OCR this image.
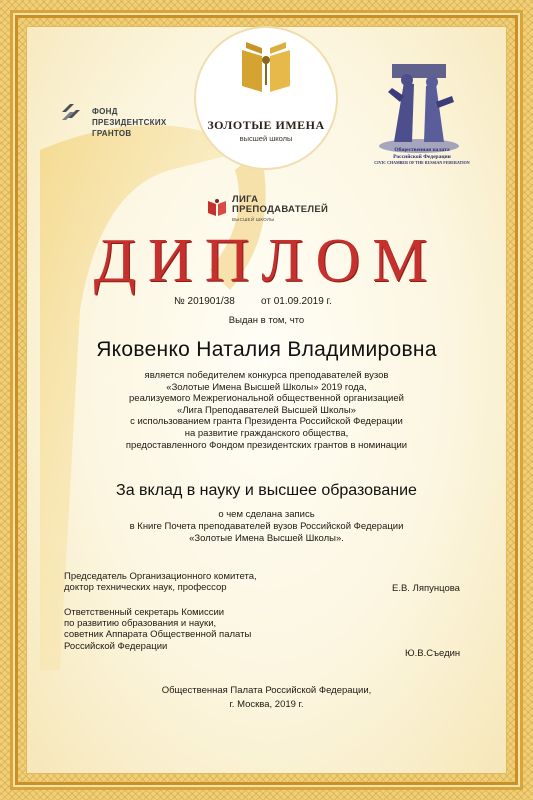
ЗОЛОТЫЕ ИМЕНА
высшей школы
ФОНД
ПРЕЗИДЕНТСКИХ
ГРАНТОВ
Общественная палата
Российской Федерации
CIVIC CHAMBER OF THE RUSSIAN FEDERATION
ЛИГА
ПРЕПОДАВАТЕЛЕЙ
ВЫСШЕЙ ШКОЛЫ
ДИПЛОМ
№ 201901/38	от 01.09.2019 г.
Выдан в том, что
Яковенко Наталия Владимировна
является победителем конкурса преподавателей вузов
«Золотые Имена Высшей Школы» 2019 года,
реализуемого Межрегиональной общественной организацией
«Лига Преподавателей Высшей Школы»
с использованием гранта Президента Российской Федерации
на развитие гражданского общества,
предоставленного Фондом президентских грантов в номинации
За вклад в науку и высшее образование
о чем сделана запись
в Книге Почета преподавателей вузов Российской Федерации
«Золотые Имена Высшей Школы».
Председатель Организационного комитета,
доктор технических наук, профессор	Е.В. Ляпунцова
Ответственный секретарь Комиссии
по развитию образования и науки,
советник Аппарата Общественной палаты
Российской Федерации
Ю.В.Съедин
Общественная Палата Российской Федерации,
г. Москва, 2019 г.
